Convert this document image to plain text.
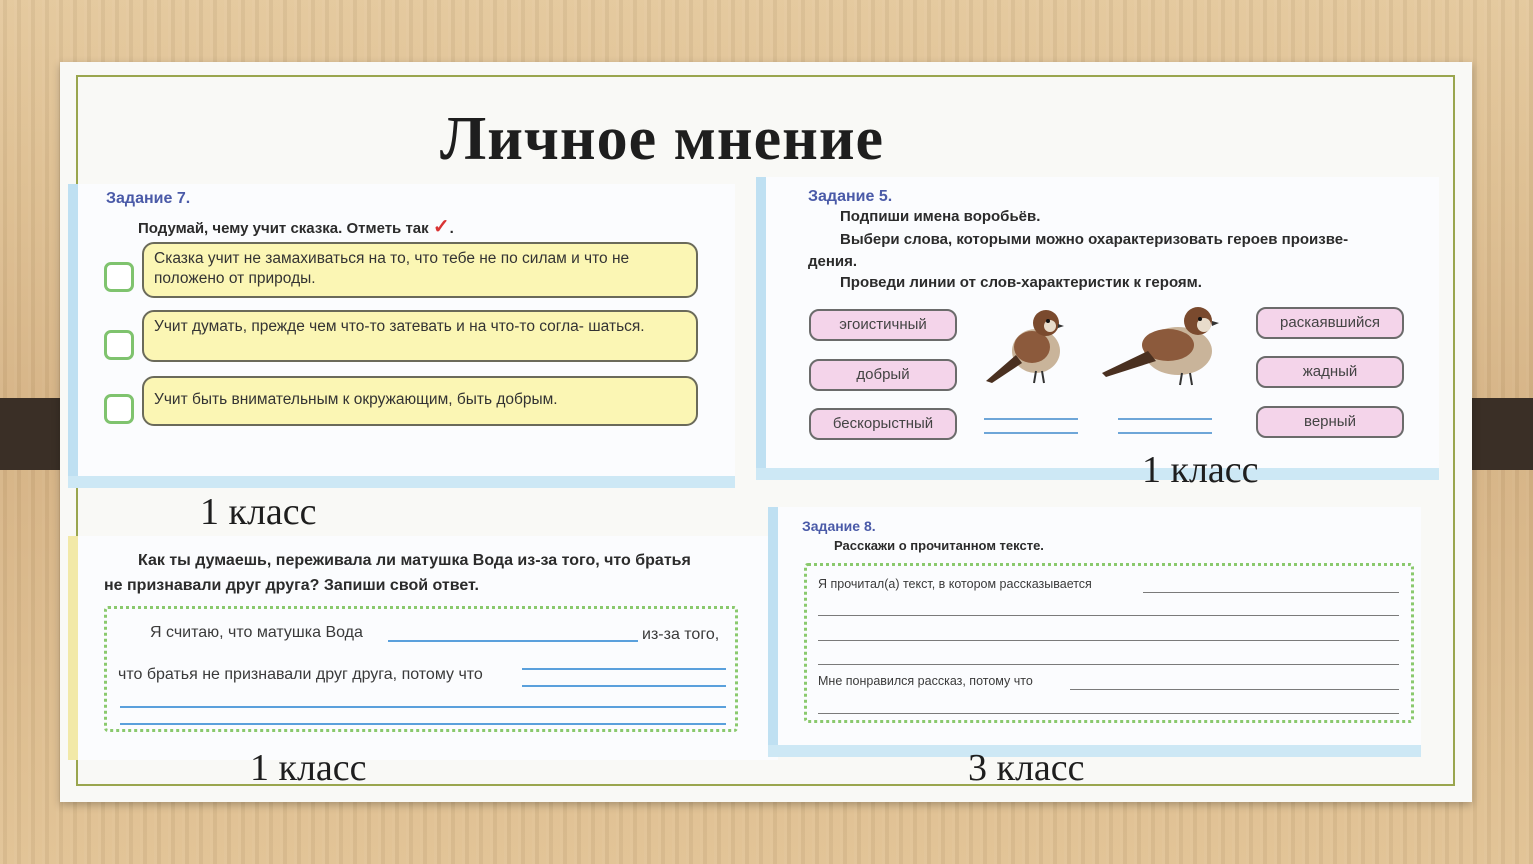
Личное мнение
Задание 7.
Подумай, чему учит сказка. Отметь так ✓.
Сказка учит не замахиваться на то, что тебе не по силам и что не положено от природы.
Учит думать, прежде чем что-то затевать и на что-то согла- шаться.
Учит быть внимательным к окружающим, быть добрым.
Задание 5.
Подпиши имена воробьёв.
Выбери слова, которыми можно охарактеризовать героев произве-
дения.
Проведи линии от слов-характеристик к героям.
эгоистичный
добрый
бескорыстный
раскаявшийся
жадный
верный
Как ты думаешь, переживала ли матушка Вода из-за того, что братья
не признавали друг друга? Запиши свой ответ.
Я считаю, что матушка Вода	из-за того,
что братья не признавали друг друга, потому что
Задание 8.
Расскажи о прочитанном тексте.
Я прочитал(а) текст, в котором рассказывается
Мне понравился рассказ, потому что
1 класс
1 класс
1 класс	3 класс
